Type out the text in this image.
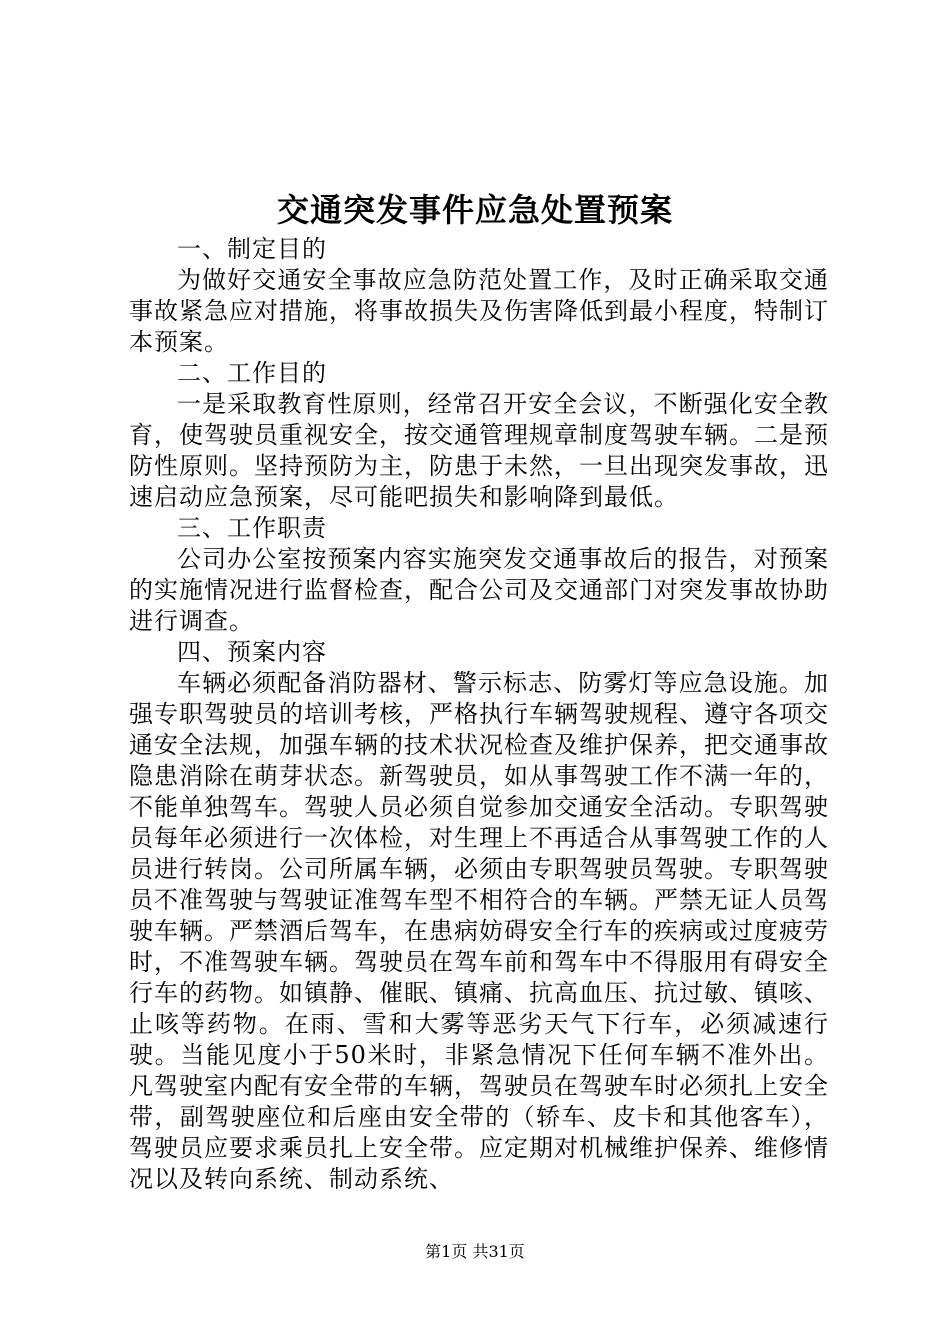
交通突发事件应急处置预案

一、制定目的

为做好交通安全事故应急防范处置工作，及时正确采取交通事故紧急应对措施，将事故损失及伤害降低到最小程度，特制订本预案。

二、工作目的

一是采取教育性原则，经常召开安全会议，不断强化安全教育，使驾驶员重视安全，按交通管理规章制度驾驶车辆。二是预防性原则。坚持预防为主，防患于未然，一旦出现突发事故，迅速启动应急预案，尽可能吧损失和影响降到最低。

三、工作职责

公司办公室按预案内容实施突发交通事故后的报告，对预案的实施情况进行监督检查，配合公司及交通部门对突发事故协助进行调查。

四、预案内容

车辆必须配备消防器材、警示标志、防雾灯等应急设施。加强专职驾驶员的培训考核，严格执行车辆驾驶规程、遵守各项交通安全法规，加强车辆的技术状况检查及维护保养，把交通事故隐患消除在萌芽状态。新驾驶员，如从事驾驶工作不满一年的，不能单独驾车。驾驶人员必须自觉参加交通安全活动。专职驾驶员每年必须进行一次体检，对生理上不再适合从事驾驶工作的人员进行转岗。公司所属车辆，必须由专职驾驶员驾驶。专职驾驶员不准驾驶与驾驶证准驾车型不相符合的车辆。严禁无证人员驾驶车辆。严禁酒后驾车，在患病妨碍安全行车的疾病或过度疲劳时，不准驾驶车辆。驾驶员在驾车前和驾车中不得服用有碍安全行车的药物。如镇静、催眠、镇痛、抗高血压、抗过敏、镇咳、止咳等药物。在雨、雪和大雾等恶劣天气下行车，必须减速行驶。当能见度小于50米时，非紧急情况下任何车辆不准外出。凡驾驶室内配有安全带的车辆，驾驶员在驾驶车时必须扎上安全带，副驾驶座位和后座由安全带的（轿车、皮卡和其他客车），驾驶员应要求乘员扎上安全带。应定期对机械维护保养、维修情况以及转向系统、制动系统、

第1页 共31页
